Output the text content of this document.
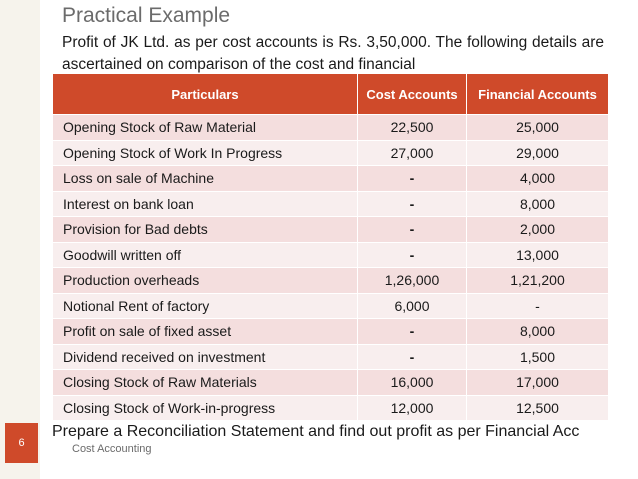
Practical Example
Profit of JK Ltd. as per cost accounts is Rs. 3,50,000. The following details are ascertained on comparison of the cost and financial
Particulars	Cost Accounts	Financial Accounts
Opening Stock of Raw Material	22,500	25,000
Opening Stock of Work In Progress	27,000	29,000
Loss on sale of Machine	-	4,000
Interest on bank loan	-	8,000
Provision for Bad debts	-	2,000
Goodwill written off	-	13,000
Production overheads	1,26,000	1,21,200
Notional Rent of factory	6,000	-
Profit on sale of fixed asset	-	8,000
Dividend received on investment	-	1,500
Closing Stock of Raw Materials	16,000	17,000
Closing Stock of Work-in-progress	12,000	12,500
Prepare a Reconciliation Statement and find out profit as per Financial Acc
6	Cost Accounting
